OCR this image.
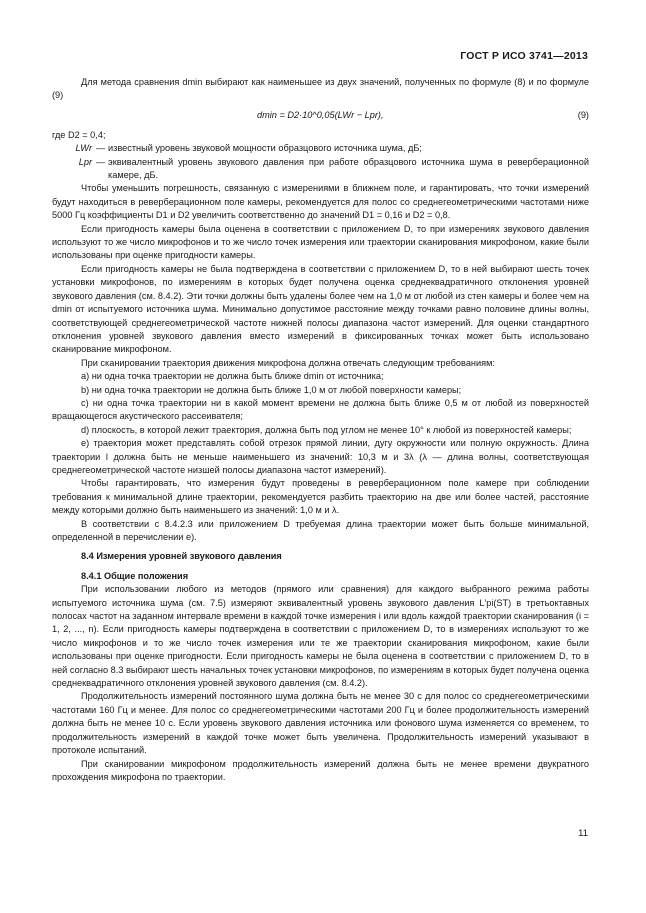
ГОСТ Р ИСО 3741—2013

Для метода сравнения dmin выбирают как наименьшее из двух значений, полученных по формуле (8) и по формуле (9)

dmin = D2·10^0,05(LWr − Lpr),	(9)

где D2 = 0,4;

LWr — известный уровень звуковой мощности образцового источника шума, дБ;
Lpr — эквивалентный уровень звукового давления при работе образцового источника шума в реверберационной камере, дБ.

Чтобы уменьшить погрешность, связанную с измерениями в ближнем поле, и гарантировать, что точки измерений будут находиться в реверберационном поле камеры, рекомендуется для полос со среднегеометрическими частотами ниже 5000 Гц коэффициенты D1 и D2 увеличить соответственно до значений D1 = 0,16 и D2 = 0,8.

Если пригодность камеры была оценена в соответствии с приложением D, то при измерениях звукового давления используют то же число микрофонов и то же число точек измерения или траектории сканирования микрофоном, какие были использованы при оценке пригодности камеры.

Если пригодность камеры не была подтверждена в соответствии с приложением D, то в ней выбирают шесть точек установки микрофонов, по измерениям в которых будет получена оценка среднеквадратичного отклонения уровней звукового давления (см. 8.4.2). Эти точки должны быть удалены более чем на 1,0 м от любой из стен камеры и более чем на dmin от испытуемого источника шума. Минимально допустимое расстояние между точками равно половине длины волны, соответствующей среднегеометрической частоте нижней полосы диапазона частот измерений. Для оценки стандартного отклонения уровней звукового давления вместо измерений в фиксированных точках может быть использовано сканирование микрофоном.

При сканировании траектория движения микрофона должна отвечать следующим требованиям:

a) ни одна точка траектории не должна быть ближе dmin от источника;

b) ни одна точка траектории не должна быть ближе 1,0 м от любой поверхности камеры;

c) ни одна точка траектории ни в какой момент времени не должна быть ближе 0,5 м от любой из поверхностей вращающегося акустического рассеивателя;

d) плоскость, в которой лежит траектория, должна быть под углом не менее 10° к любой из поверхностей камеры;

e) траектория может представлять собой отрезок прямой линии, дугу окружности или полную окружность. Длина траектории l должна быть не меньше наименьшего из значений: 10,3 м и 3λ (λ — длина волны, соответствующая среднегеометрической частоте низшей полосы диапазона частот измерений).

Чтобы гарантировать, что измерения будут проведены в реверберационном поле камере при соблюдении требования к минимальной длине траектории, рекомендуется разбить траекторию на две или более частей, расстояние между которыми должно быть наименьшего из значений: 1,0 м и λ.

В соответствии с 8.4.2.3 или приложением D требуемая длина траектории может быть больше минимальной, определенной в перечислении e).

8.4 Измерения уровней звукового давления

8.4.1 Общие положения

При использовании любого из методов (прямого или сравнения) для каждого выбранного режима работы испытуемого источника шума (см. 7.5) измеряют эквивалентный уровень звукового давления L′pi(ST) в третьоктавных полосах частот на заданном интервале времени в каждой точке измерения i или вдоль каждой траектории сканирования (i = 1, 2, ..., n). Если пригодность камеры подтверждена в соответствии с приложением D, то в измерениях используют то же число микрофонов и то же число точек измерения или те же траектории сканирования микрофоном, какие были использованы при оценке пригодности. Если пригодность камеры не была оценена в соответствии с приложением D, то в ней согласно 8.3 выбирают шесть начальных точек установки микрофонов, по измерениям в которых будет получена оценка среднеквадратичного отклонения уровней звукового давления (см. 8.4.2).

Продолжительность измерений постоянного шума должна быть не менее 30 с для полос со среднегеометрическими частотами 160 Гц и менее. Для полос со среднегеометрическими частотами 200 Гц и более продолжительность измерений должна быть не менее 10 с. Если уровень звукового давления источника или фонового шума изменяется со временем, то продолжительность измерений в каждой точке может быть увеличена. Продолжительность измерений указывают в протоколе испытаний.

При сканировании микрофоном продолжительность измерений должна быть не менее времени двукратного прохождения микрофона по траектории.

11
